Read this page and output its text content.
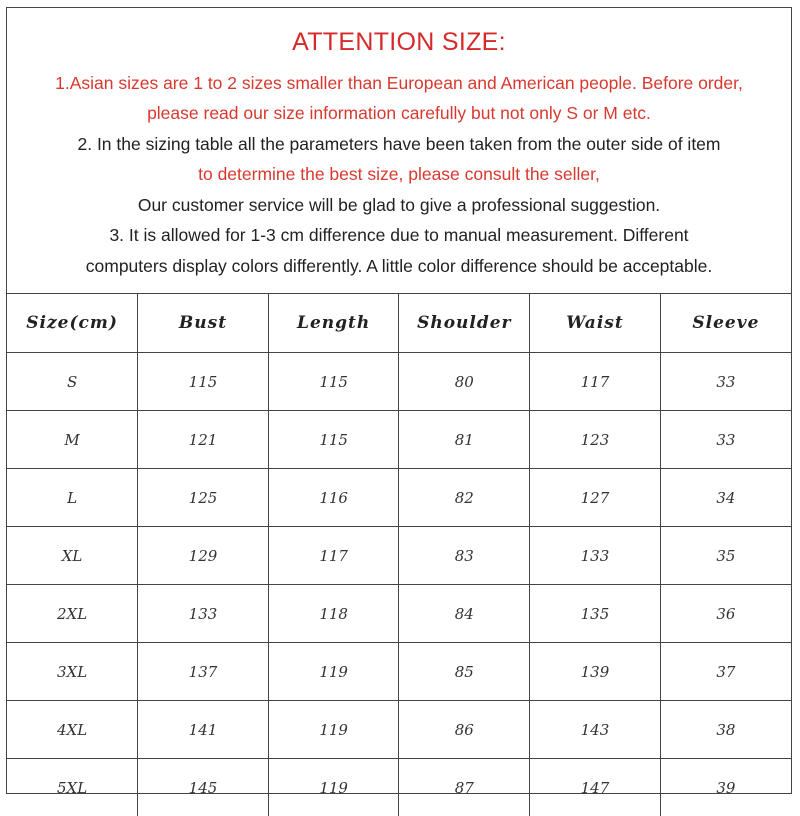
ATTENTION SIZE:
1.Asian sizes are 1 to 2 sizes smaller than European and American people. Before order,
please read our size information carefully but not only S or M etc.
2. In the sizing table all the parameters have been taken from the outer side of item
to determine the best size, please consult the seller,
Our customer service will be glad to give a professional suggestion.
3. It is allowed for 1-3 cm difference due to manual measurement. Different
computers display colors differently. A little color difference should be acceptable.
Size(cm)	Bust	Length	Shoulder	Waist	Sleeve
S	115	115	80	117	33
M	121	115	81	123	33
L	125	116	82	127	34
XL	129	117	83	133	35
2XL	133	118	84	135	36
3XL	137	119	85	139	37
4XL	141	119	86	143	38
5XL	145	119	87	147	39
